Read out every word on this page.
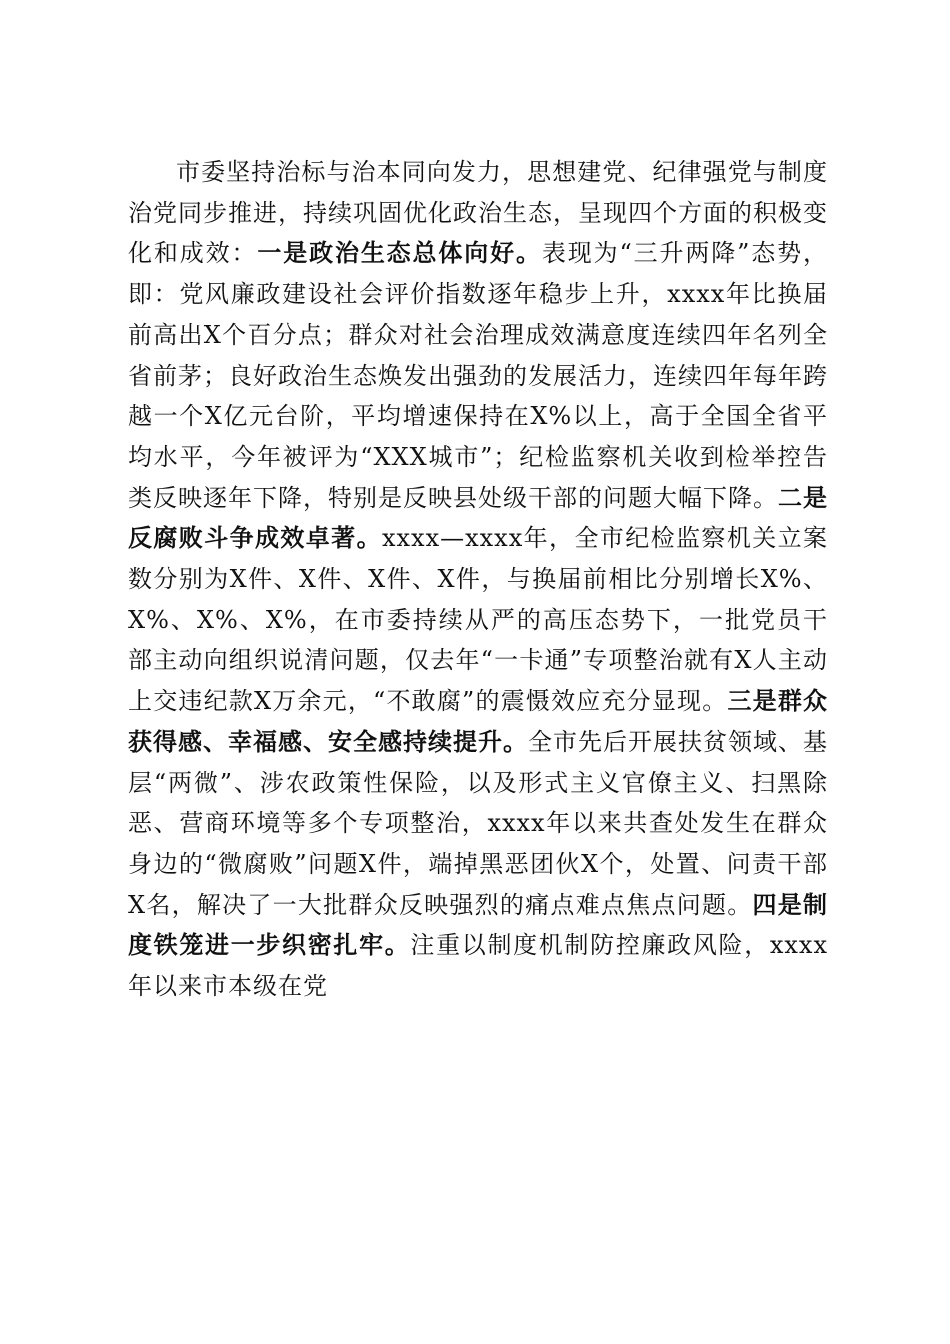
市委坚持治标与治本同向发力，思想建党、纪律强党与制度治党同步推进，持续巩固优化政治生态，呈现四个方面的积极变化和成效：一是政治生态总体向好。表现为“三升两降”态势，即：党风廉政建设社会评价指数逐年稳步上升，xxxx年比换届前高出X个百分点；群众对社会治理成效满意度连续四年名列全省前茅；良好政治生态焕发出强劲的发展活力，连续四年每年跨越一个X亿元台阶，平均增速保持在X%以上，高于全国全省平均水平，今年被评为“XXX城市”；纪检监察机关收到检举控告类反映逐年下降，特别是反映县处级干部的问题大幅下降。二是反腐败斗争成效卓著。xxxx—xxxx年，全市纪检监察机关立案数分别为X件、X件、X件、X件，与换届前相比分别增长X%、X%、X%、X%，在市委持续从严的高压态势下，一批党员干部主动向组织说清问题，仅去年“一卡通”专项整治就有X人主动上交违纪款X万余元，“不敢腐”的震慑效应充分显现。三是群众获得感、幸福感、安全感持续提升。全市先后开展扶贫领域、基层“两微”、涉农政策性保险，以及形式主义官僚主义、扫黑除恶、营商环境等多个专项整治，xxxx年以来共查处发生在群众身边的“微腐败”问题X件，端掉黑恶团伙X个，处置、问责干部X名，解决了一大批群众反映强烈的痛点难点焦点问题。四是制度铁笼进一步织密扎牢。注重以制度机制防控廉政风险，xxxx年以来市本级在党
